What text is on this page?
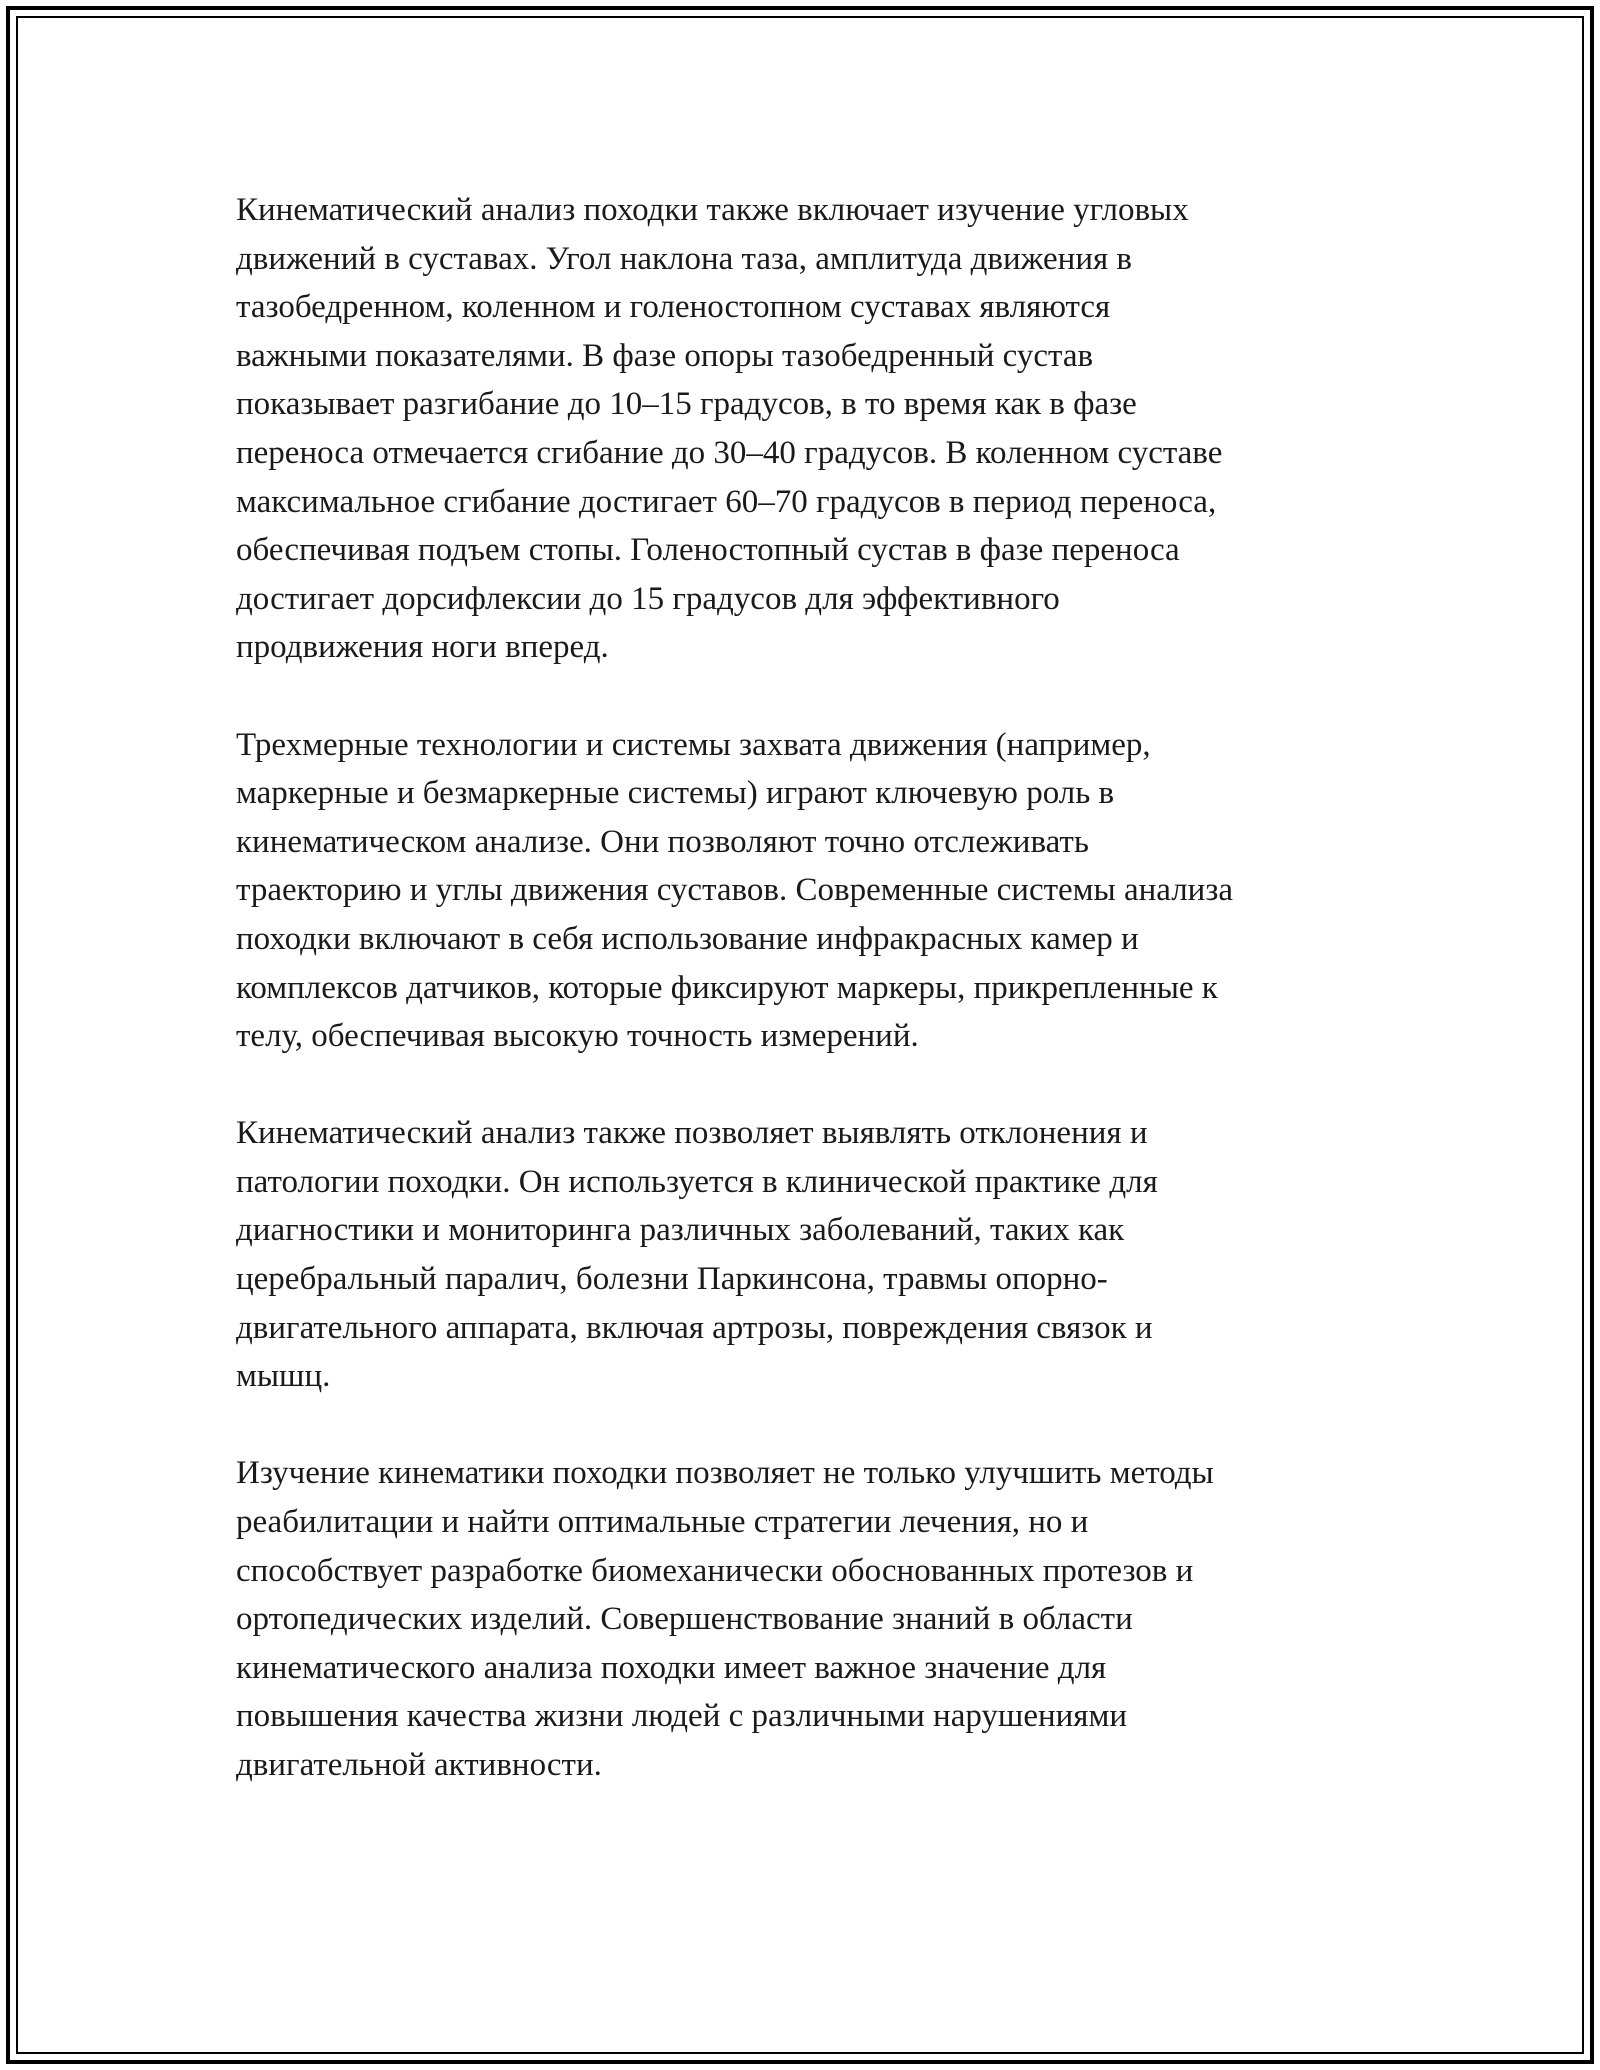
Кинематический анализ походки также включает изучение угловых
движений в суставах. Угол наклона таза, амплитуда движения в
тазобедренном, коленном и голеностопном суставах являются
важными показателями. В фазе опоры тазобедренный сустав
показывает разгибание до 10–15 градусов, в то время как в фазе
переноса отмечается сгибание до 30–40 градусов. В коленном суставе
максимальное сгибание достигает 60–70 градусов в период переноса,
обеспечивая подъем стопы. Голеностопный сустав в фазе переноса
достигает дорсифлексии до 15 градусов для эффективного
продвижения ноги вперед.

Трехмерные технологии и системы захвата движения (например,
маркерные и безмаркерные системы) играют ключевую роль в
кинематическом анализе. Они позволяют точно отслеживать
траекторию и углы движения суставов. Современные системы анализа
походки включают в себя использование инфракрасных камер и
комплексов датчиков, которые фиксируют маркеры, прикрепленные к
телу, обеспечивая высокую точность измерений.

Кинематический анализ также позволяет выявлять отклонения и
патологии походки. Он используется в клинической практике для
диагностики и мониторинга различных заболеваний, таких как
церебральный паралич, болезни Паркинсона, травмы опорно-
двигательного аппарата, включая артрозы, повреждения связок и
мышц.

Изучение кинематики походки позволяет не только улучшить методы
реабилитации и найти оптимальные стратегии лечения, но и
способствует разработке биомеханически обоснованных протезов и
ортопедических изделий. Совершенствование знаний в области
кинематического анализа походки имеет важное значение для
повышения качества жизни людей с различными нарушениями
двигательной активности.
